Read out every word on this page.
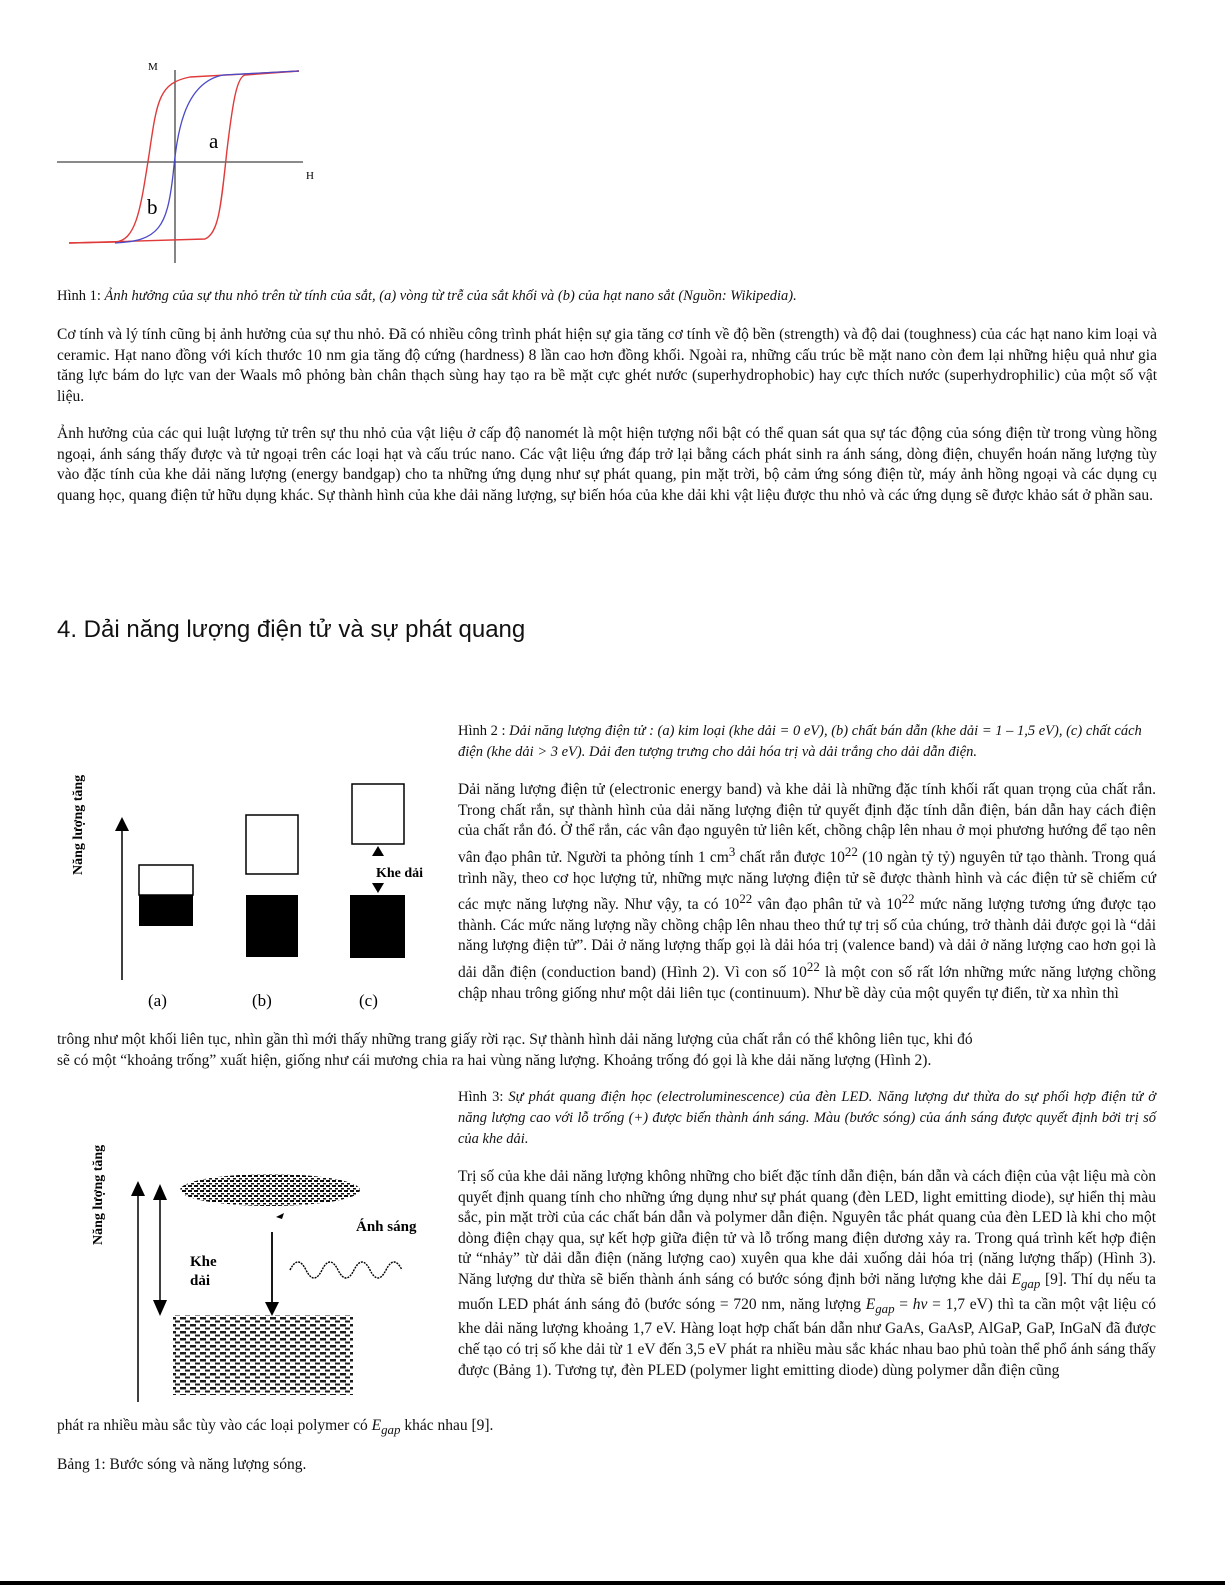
M
H
a
b

Hình 1: Ảnh hưởng của sự thu nhỏ trên từ tính của sắt, (a) vòng từ trễ của sắt khối và (b) của hạt nano sắt (Nguồn: Wikipedia).

Cơ tính và lý tính cũng bị ảnh hưởng của sự thu nhỏ. Đã có nhiều công trình phát hiện sự gia tăng cơ tính về độ bền (strength) và độ dai (toughness) của các hạt nano kim loại và ceramic. Hạt nano đồng với kích thước 10 nm gia tăng độ cứng (hardness) 8 lần cao hơn đồng khối. Ngoài ra, những cấu trúc bề mặt nano còn đem lại những hiệu quả như gia tăng lực bám do lực van der Waals mô phỏng bàn chân thạch sùng hay tạo ra bề mặt cực ghét nước (superhydrophobic) hay cực thích nước (superhydrophilic) của một số vật liệu.

Ảnh hưởng của các qui luật lượng tử trên sự thu nhỏ của vật liệu ở cấp độ nanomét là một hiện tượng nổi bật có thể quan sát qua sự tác động của sóng điện từ trong vùng hồng ngoại, ánh sáng thấy được và tử ngoại trên các loại hạt và cấu trúc nano. Các vật liệu ứng đáp trở lại bằng cách phát sinh ra ánh sáng, dòng điện, chuyển hoán năng lượng tùy vào đặc tính của khe dải năng lượng (energy bandgap) cho ta những ứng dụng như sự phát quang, pin mặt trời, bộ cảm ứng sóng điện từ, máy ảnh hồng ngoại và các dụng cụ quang học, quang điện tử hữu dụng khác. Sự thành hình của khe dải năng lượng, sự biến hóa của khe dải khi vật liệu được thu nhỏ và các ứng dụng sẽ được khảo sát ở phần sau.

4. Dải năng lượng điện tử và sự phát quang
Năng lượng tăng	Khe dải
(a)	(b)	(c)

Hình 2 : Dải năng lượng điện tử : (a) kim loại (khe dải = 0 eV), (b) chất bán dẫn (khe dải = 1 – 1,5 eV), (c) chất cách điện (khe dải > 3 eV). Dải đen tượng trưng cho dải hóa trị và dải trắng cho dải dẫn điện.

Dải năng lượng điện tử (electronic energy band) và khe dải là những đặc tính khối rất quan trọng của chất rắn. Trong chất rắn, sự thành hình của dải năng lượng điện tử quyết định đặc tính dẫn điện, bán dẫn hay cách điện của chất rắn đó. Ở thể rắn, các vân đạo nguyên tử liên kết, chồng chập lên nhau ở mọi phương hướng để tạo nên vân đạo phân tử. Người ta phỏng tính 1 $cm^3$ chất rắn được $10^{22}$ (10 ngàn tỷ tỷ) nguyên tử tạo thành. Trong quá trình nầy, theo cơ học lượng tử, những mực năng lượng điện tử sẽ được thành hình và các điện tử sẽ chiếm cứ các mực năng lượng nầy. Như vậy, ta có $10^{22}$ vân đạo phân tử và $10^{22}$ mức năng lượng tương ứng được tạo thành. Các mức năng lượng nầy chồng chập lên nhau theo thứ tự trị số của chúng, trở thành dải được gọi là “dải năng lượng điện tử”. Dải ở năng lượng thấp gọi là dải hóa trị (valence band) và dải ở năng lượng cao hơn gọi là dải dẫn điện (conduction band) (Hình 2). Vì con số $10^{22}$ là một con số rất lớn những mức năng lượng chồng chập nhau trông giống như một dải liên tục (continuum). Như bề dày của một quyển tự điển, từ xa nhìn thì

trông như một khối liên tục, nhìn gần thì mới thấy những trang giấy rời rạc. Sự thành hình dải năng lượng của chất rắn có thể không liên tục, khi đó

sẽ có một “khoảng trống” xuất hiện, giống như cái mương chia ra hai vùng năng lượng. Khoảng trống đó gọi là khe dải năng lượng (Hình 2).

Năng lượng tăng
Khe
dải
Ánh sáng

Hình 3: Sự phát quang điện học (electroluminescence) của đèn LED. Năng lượng dư thừa do sự phối hợp điện tử ở năng lượng cao với lỗ trống (+) được biến thành ánh sáng. Màu (bước sóng) của ánh sáng được quyết định bởi trị số của khe dải.

Trị số của khe dải năng lượng không những cho biết đặc tính dẫn điện, bán dẫn và cách điện của vật liệu mà còn quyết định quang tính cho những ứng dụng như sự phát quang (đèn LED, light emitting diode), sự hiển thị màu sắc, pin mặt trời của các chất bán dẫn và polymer dẫn điện. Nguyên tắc phát quang của đèn LED là khi cho một dòng điện chạy qua, sự kết hợp giữa điện tử và lỗ trống mang điện dương xảy ra. Trong quá trình kết hợp điện tử “nhảy” từ dải dẫn điện (năng lượng cao) xuyên qua khe dải xuống dải hóa trị (năng lượng thấp) (Hình 3). Năng lượng dư thừa sẽ biến thành ánh sáng có bước sóng định bởi năng lượng khe dải $E_{gap}$ [9]. Thí dụ nếu ta muốn LED phát ánh sáng đỏ (bước sóng = 720 nm, năng lượng $E_{gap} = h\nu = 1,7$ eV) thì ta cần một vật liệu có khe dải năng lượng khoảng 1,7 eV. Hàng loạt hợp chất bán dẫn như GaAs, GaAsP, AlGaP, GaP, InGaN đã được chế tạo có trị số khe dải từ 1 eV đến 3,5 eV phát ra nhiều màu sắc khác nhau bao phủ toàn thể phổ ánh sáng thấy được (Bảng 1). Tương tự, đèn PLED (polymer light emitting diode) dùng polymer dẫn điện cũng

phát ra nhiều màu sắc tùy vào các loại polymer có $E_{gap}$ khác nhau [9].

Bảng 1: Bước sóng và năng lượng sóng.
